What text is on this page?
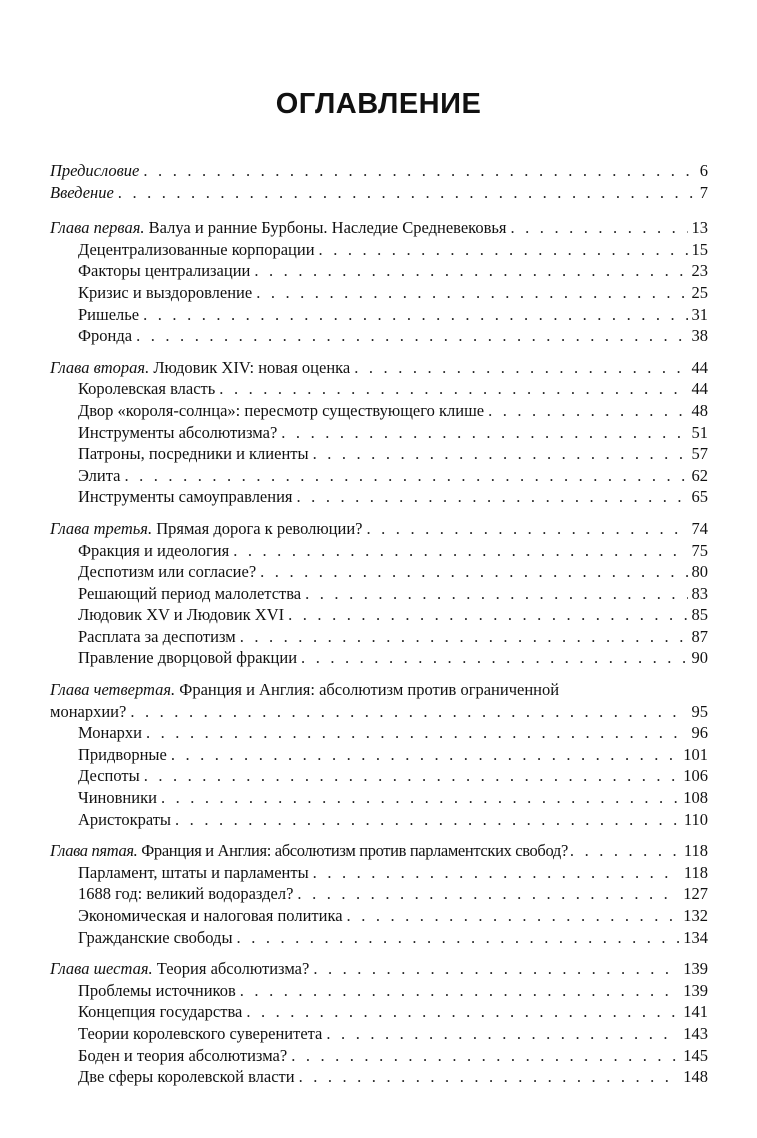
ОГЛАВЛЕНИЕ
Предисловие . . .	6
Введение . . .	7
Глава первая. Валуа и ранние Бурбоны. Наследие Средневековья . . .	13
Децентрализованные корпорации . . .	15
Факторы централизации . . .	23
Кризис и выздоровление . . .	25
Ришелье . . .	31
Фронда . . .	38
Глава вторая. Людовик XIV: новая оценка . . .	44
Королевская власть . . .	44
Двор «короля-солнца»: пересмотр существующего клише . . .	48
Инструменты абсолютизма? . . .	51
Патроны, посредники и клиенты . . .	57
Элита . . .	62
Инструменты самоуправления . . .	65
Глава третья. Прямая дорога к революции? . . .	74
Фракция и идеология . . .	75
Деспотизм или согласие? . . .	80
Решающий период малолетства . . .	83
Людовик XV и Людовик XVI . . .	85
Расплата за деспотизм . . .	87
Правление дворцовой фракции . . .	90
Глава четвертая. Франция и Англия: абсолютизм против ограниченной
монархии? . . .	95
Монархи . . .	96
Придворные . . .	101
Деспоты . . .	106
Чиновники . . .	108
Аристократы . . .	110
Глава пятая. Франция и Англия: абсолютизм против парламентских свобод? . . .	118
Парламент, штаты и парламенты . . .	118
1688 год: великий водораздел? . . .	127
Экономическая и налоговая политика . . .	132
Гражданские свободы . . .	134
Глава шестая. Теория абсолютизма? . . .	139
Проблемы источников . . .	139
Концепция государства . . .	141
Теории королевского суверенитета . . .	143
Боден и теория абсолютизма? . . .	145
Две сферы королевской власти . . .	148
